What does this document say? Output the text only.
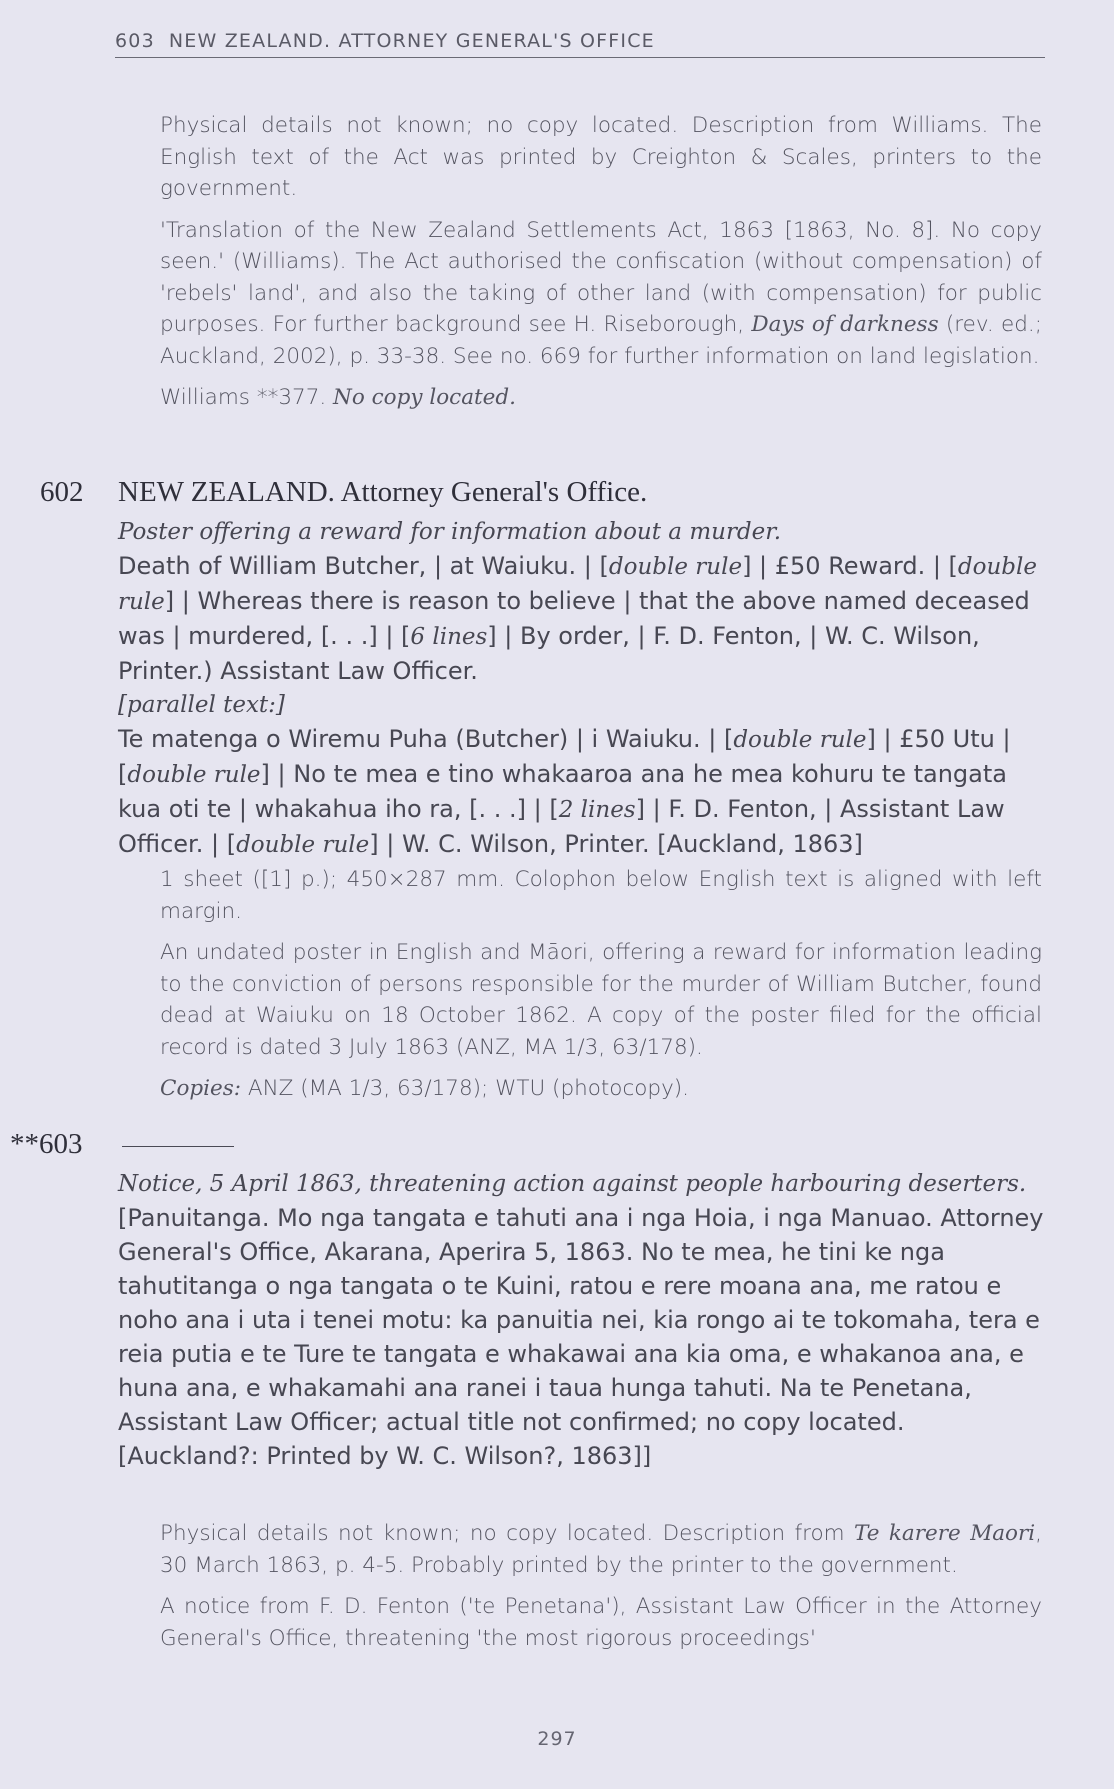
603 NEW ZEALAND. ATTORNEY GENERAL'S OFFICE

Physical details not known; no copy located. Description from Williams. The English text of the Act was printed by Creighton & Scales, printers to the government.

'Translation of the New Zealand Settlements Act, 1863 [1863, No. 8]. No copy seen.' (Williams). The Act authorised the confiscation (without compensation) of 'rebels' land', and also the taking of other land (with compensation) for public purposes. For further background see H. Riseborough, Days of darkness (rev. ed.; Auckland, 2002), p. 33-38. See no. 669 for further information on land legislation.

Williams **377. No copy located.

602 NEW ZEALAND. Attorney General's Office.
Poster offering a reward for information about a murder.
Death of William Butcher, | at Waiuku. | [double rule] | £50 Reward. | [double rule] | Whereas there is reason to believe | that the above named deceased was | murdered, [. . .] | [6 lines] | By order, | F. D. Fenton, | W. C. Wilson, Printer.) Assistant Law Officer.
[parallel text:]
Te matenga o Wiremu Puha (Butcher) | i Waiuku. | [double rule] | £50 Utu | [double rule] | No te mea e tino whakaaroa ana he mea kohuru te tangata kua oti te | whakahua iho ra, [. . .] | [2 lines] | F. D. Fenton, | Assistant Law Officer. | [double rule] | W. C. Wilson, Printer. [Auckland, 1863]

1 sheet ([1] p.); 450×287 mm. Colophon below English text is aligned with left margin.

An undated poster in English and Māori, offering a reward for information leading to the conviction of persons responsible for the murder of William Butcher, found dead at Waiuku on 18 October 1862. A copy of the poster filed for the official record is dated 3 July 1863 (ANZ, MA 1/3, 63/178).

Copies: ANZ (MA 1/3, 63/178); WTU (photocopy).

**603
Notice, 5 April 1863, threatening action against people harbouring deserters.
[Panuitanga. Mo nga tangata e tahuti ana i nga Hoia, i nga Manuao. Attorney General's Office, Akarana, Aperira 5, 1863. No te mea, he tini ke nga tahutitanga o nga tangata o te Kuini, ratou e rere moana ana, me ratou e noho ana i uta i tenei motu: ka panuitia nei, kia rongo ai te tokomaha, tera e reia putia e te Ture te tangata e whakawai ana kia oma, e whakanoa ana, e huna ana, e whakamahi ana ranei i taua hunga tahuti. Na te Penetana, Assistant Law Officer; actual title not confirmed; no copy located. [Auckland?: Printed by W. C. Wilson?, 1863]]

Physical details not known; no copy located. Description from Te karere Maori, 30 March 1863, p. 4-5. Probably printed by the printer to the government.

A notice from F. D. Fenton ('te Penetana'), Assistant Law Officer in the Attorney General's Office, threatening 'the most rigorous proceedings'

297
